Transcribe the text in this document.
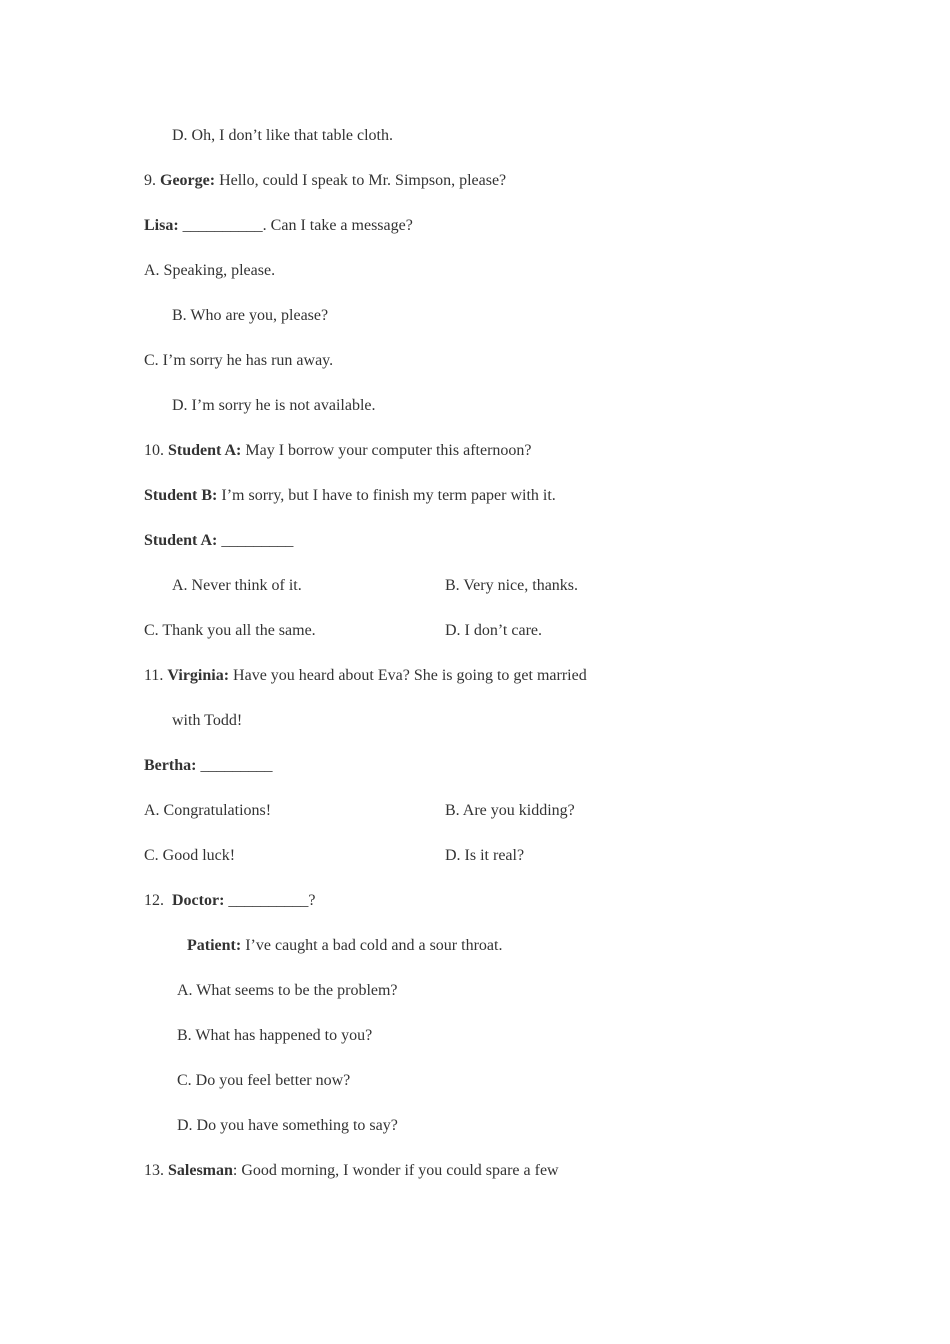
D. Oh, I don’t like that table cloth.
9. George: Hello, could I speak to Mr. Simpson, please?
Lisa: __________. Can I take a message?
A. Speaking, please.
B. Who are you, please?
C. I’m sorry he has run away.
D. I’m sorry he is not available.
10. Student A: May I borrow your computer this afternoon?
Student B: I’m sorry, but I have to finish my term paper with it.
Student A: _________
A. Never think of it.	B. Very nice, thanks.
C. Thank you all the same.	D. I don’t care.
11. Virginia: Have you heard about Eva? She is going to get married
with Todd!
Bertha: _________
A. Congratulations!	B. Are you kidding?
C. Good luck!	D. Is it real?
12.  Doctor: __________?
Patient: I’ve caught a bad cold and a sour throat.
A. What seems to be the problem?
B. What has happened to you?
C. Do you feel better now?
D. Do you have something to say?
13. Salesman: Good morning, I wonder if you could spare a few
